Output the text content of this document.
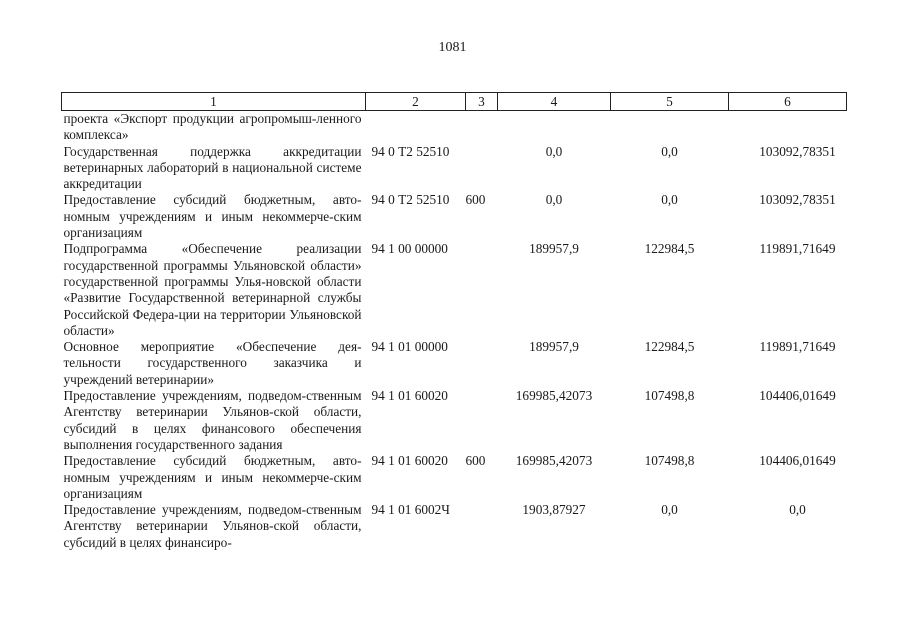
1081
1	2	3	4	5	6
проекта «Экспорт продукции агропромыш-ленного комплекса»					
Государственная поддержка аккредитации ветеринарных лабораторий в национальной системе аккредитации	94 0 Т2 52510		0,0	0,0	103092,78351
Предоставление субсидий бюджетным, авто-номным учреждениям и иным некоммерче-ским организациям	94 0 Т2 52510	600	0,0	0,0	103092,78351
Подпрограмма «Обеспечение реализации государственной программы Ульяновской области» государственной программы Улья-новской области «Развитие Государственной ветеринарной службы Российской Федера-ции на территории Ульяновской области»	94 1 00 00000		189957,9	122984,5	119891,71649
Основное мероприятие «Обеспечение дея-тельности государственного заказчика и учреждений ветеринарии»	94 1 01 00000		189957,9	122984,5	119891,71649
Предоставление учреждениям, подведом-ственным Агентству ветеринарии Ульянов-ской области, субсидий в целях финансового обеспечения выполнения государственного задания	94 1 01 60020		169985,42073	107498,8	104406,01649
Предоставление субсидий бюджетным, авто-номным учреждениям и иным некоммерче-ским организациям	94 1 01 60020	600	169985,42073	107498,8	104406,01649
Предоставление учреждениям, подведом-ственным Агентству ветеринарии Ульянов-ской области, субсидий в целях финансиро-	94 1 01 6002Ч		1903,87927	0,0	0,0
